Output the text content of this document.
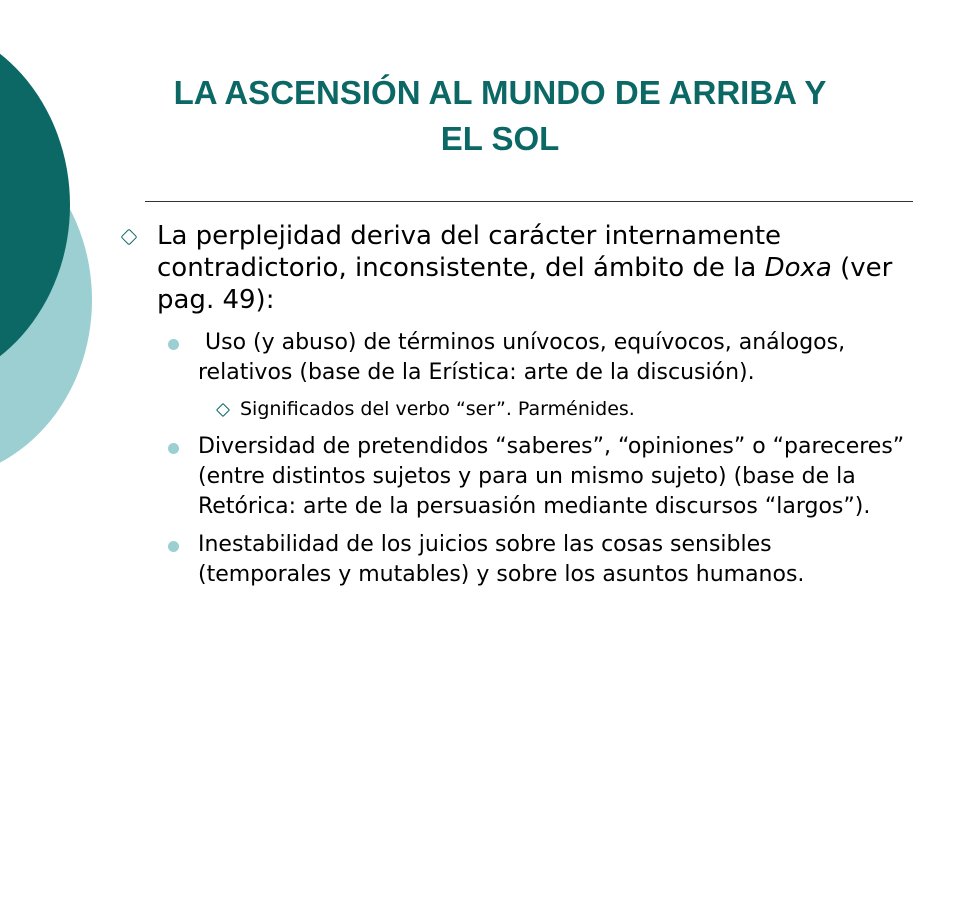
LA ASCENSIÓN AL MUNDO DE ARRIBA Y
EL SOL
La perplejidad deriva del carácter internamente contradictorio, inconsistente, del ámbito de la Doxa (ver pag. 49):
Uso (y abuso) de términos unívocos, equívocos, análogos, relativos (base de la Erística: arte de la discusión).
Significados del verbo “ser”. Parménides.
Diversidad de pretendidos “saberes”, “opiniones” o “pareceres” (entre distintos sujetos y para un mismo sujeto) (base de la Retórica: arte de la persuasión mediante discursos “largos”).
Inestabilidad de los juicios sobre las cosas sensibles (temporales y mutables) y sobre los asuntos humanos.
